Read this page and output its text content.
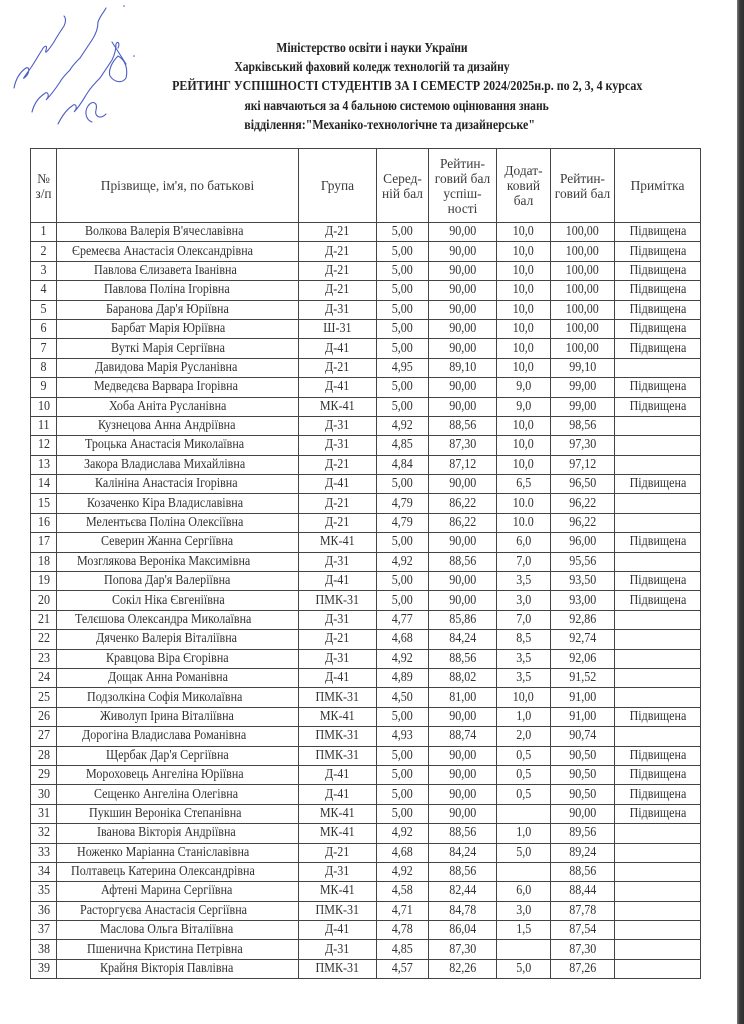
Міністерство освіти і науки України
Харківський фаховий коледж технологій та дизайну
РЕЙТИНГ УСПІШНОСТІ СТУДЕНТІВ ЗА І СЕМЕСТР 2024/2025н.р. по 2, 3, 4 курсах
які навчаються за 4 бальною системою оцінювання знань
відділення:"Механіко-технологічне та дизайнерське"
№ з/п	Прізвище, ім'я, по батькові	Група	Серед-ній бал	Рейтин-говий бал успіш-ності	Додат-ковий бал	Рейтин-говий бал	Примітка
1	Волкова Валерія В'ячеславівна	Д-21	5,00	90,00	10,0	100,00	Підвищена
2	Єремеєва Анастасія Олександрівна	Д-21	5,00	90,00	10,0	100,00	Підвищена
3	Павлова Єлизавета Іванівна	Д-21	5,00	90,00	10,0	100,00	Підвищена
4	Павлова Поліна Ігорівна	Д-21	5,00	90,00	10,0	100,00	Підвищена
5	Баранова Дар'я Юріївна	Д-31	5,00	90,00	10,0	100,00	Підвищена
6	Барбат Марія Юріївна	Ш-31	5,00	90,00	10,0	100,00	Підвищена
7	Вуткі Марія Сергіївна	Д-41	5,00	90,00	10,0	100,00	Підвищена
8	Давидова Марія Русланівна	Д-21	4,95	89,10	10,0	99,10	
9	Медведєва Варвара Ігорівна	Д-41	5,00	90,00	9,0	99,00	Підвищена
10	Хоба Аніта Русланівна	МК-41	5,00	90,00	9,0	99,00	Підвищена
11	Кузнецова Анна Андріївна	Д-31	4,92	88,56	10,0	98,56	
12	Троцька Анастасія Миколаївна	Д-31	4,85	87,30	10,0	97,30	
13	Закора Владислава Михайлівна	Д-21	4,84	87,12	10,0	97,12	
14	Калініна Анастасія Ігорівна	Д-41	5,00	90,00	6,5	96,50	Підвищена
15	Козаченко Кіра Владиславівна	Д-21	4,79	86,22	10.0	96,22	
16	Мелентьєва Поліна Олексіївна	Д-21	4,79	86,22	10.0	96,22	
17	Северин Жанна Сергіївна	МК-41	5,00	90,00	6,0	96,00	Підвищена
18	Мозглякова Вероніка Максимівна	Д-31	4,92	88,56	7,0	95,56	
19	Попова Дар'я Валеріївна	Д-41	5,00	90,00	3,5	93,50	Підвищена
20	Сокіл Ніка Євгеніївна	ПМК-31	5,00	90,00	3,0	93,00	Підвищена
21	Телєшова Олександра Миколаївна	Д-31	4,77	85,86	7,0	92,86	
22	Дяченко Валерія Віталіївна	Д-21	4,68	84,24	8,5	92,74	
23	Кравцова Віра Єгорівна	Д-31	4,92	88,56	3,5	92,06	
24	Дощак Анна Романівна	Д-41	4,89	88,02	3,5	91,52	
25	Подзолкіна Софія Миколаївна	ПМК-31	4,50	81,00	10,0	91,00	
26	Живолуп Ірина Віталіївна	МК-41	5,00	90,00	1,0	91,00	Підвищена
27	Дорогіна Владислава Романівна	ПМК-31	4,93	88,74	2,0	90,74	
28	Щербак Дар'я Сергіївна	ПМК-31	5,00	90,00	0,5	90,50	Підвищена
29	Мороховець Ангеліна Юріївна	Д-41	5,00	90,00	0,5	90,50	Підвищена
30	Сещенко Ангеліна Олегівна	Д-41	5,00	90,00	0,5	90,50	Підвищена
31	Пукшин Вероніка Степанівна	МК-41	5,00	90,00		90,00	Підвищена
32	Іванова Вікторія Андріївна	МК-41	4,92	88,56	1,0	89,56	
33	Ноженко Маріанна Станіславівна	Д-21	4,68	84,24	5,0	89,24	
34	Полтавець Катерина Олександрівна	Д-31	4,92	88,56		88,56	
35	Афтені Марина Сергіївна	МК-41	4,58	82,44	6,0	88,44	
36	Расторгуєва Анастасія Сергіївна	ПМК-31	4,71	84,78	3,0	87,78	
37	Маслова Ольга Віталіївна	Д-41	4,78	86,04	1,5	87,54	
38	Пшенична Кристина Петрівна	Д-31	4,85	87,30		87,30	
39	Крайня Вікторія Павлівна	ПМК-31	4,57	82,26	5,0	87,26	
